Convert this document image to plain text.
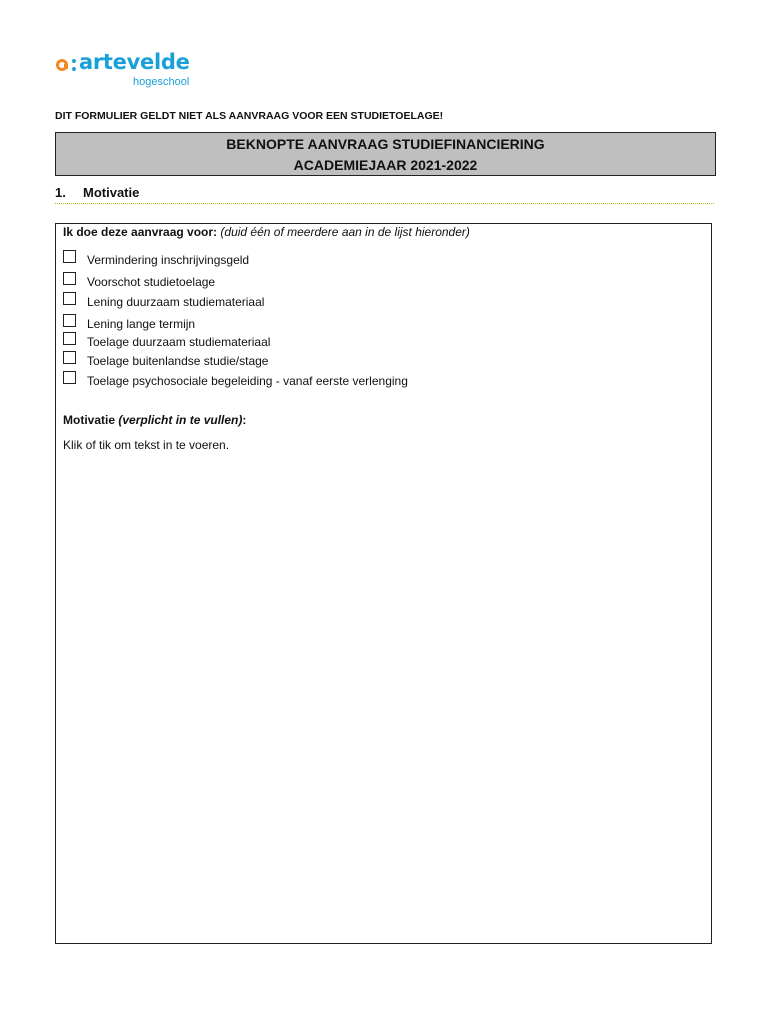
artevelde
hogeschool
DIT FORMULIER GELDT NIET ALS AANVRAAG VOOR EEN STUDIETOELAGE!
BEKNOPTE AANVRAAG STUDIEFINANCIERING
ACADEMIEJAAR 2021-2022
1. Motivatie
Ik doe deze aanvraag voor: (duid één of meerdere aan in de lijst hieronder)
Vermindering inschrijvingsgeld
Voorschot studietoelage
Lening duurzaam studiemateriaal
Lening lange termijn
Toelage duurzaam studiemateriaal
Toelage buitenlandse studie/stage
Toelage psychosociale begeleiding - vanaf eerste verlenging
Motivatie (verplicht in te vullen):
Klik of tik om tekst in te voeren.
